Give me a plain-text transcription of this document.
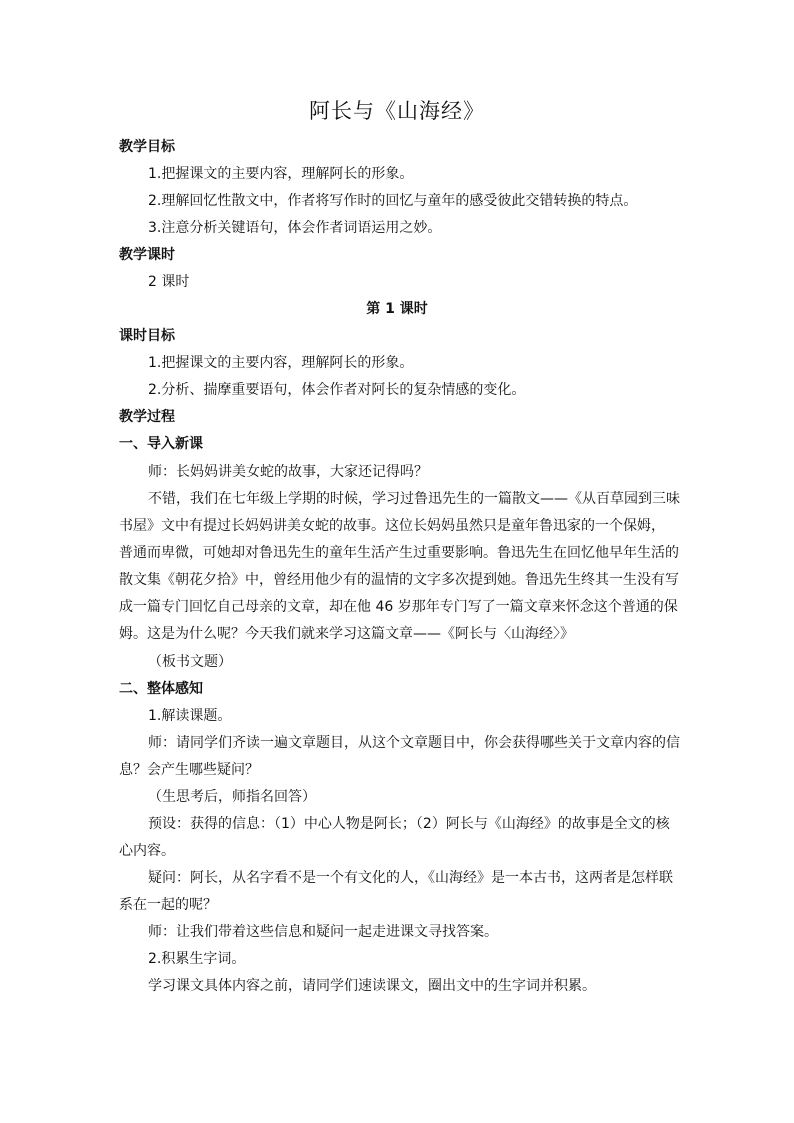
阿长与《山海经》
教学目标
1.把握课文的主要内容，理解阿长的形象。
2.理解回忆性散文中，作者将写作时的回忆与童年的感受彼此交错转换的特点。
3.注意分析关键语句，体会作者词语运用之妙。
教学课时
2 课时
第 1 课时
课时目标
1.把握课文的主要内容，理解阿长的形象。
2.分析、揣摩重要语句，体会作者对阿长的复杂情感的变化。
教学过程
一、导入新课
师：长妈妈讲美女蛇的故事，大家还记得吗？
不错，我们在七年级上学期的时候，学习过鲁迅先生的一篇散文——《从百草园到三味
书屋》文中有提过长妈妈讲美女蛇的故事。这位长妈妈虽然只是童年鲁迅家的一个保姆，
普通而卑微，可她却对鲁迅先生的童年生活产生过重要影响。鲁迅先生在回忆他早年生活的
散文集《朝花夕拾》中，曾经用他少有的温情的文字多次提到她。鲁迅先生终其一生没有写
成一篇专门回忆自己母亲的文章，却在他 46 岁那年专门写了一篇文章来怀念这个普通的保
姆。这是为什么呢？今天我们就来学习这篇文章——《阿长与〈山海经〉》
（板书文题）
二、整体感知
1.解读课题。
师：请同学们齐读一遍文章题目，从这个文章题目中，你会获得哪些关于文章内容的信
息？会产生哪些疑问？
（生思考后，师指名回答）
预设：获得的信息：（1）中心人物是阿长；（2）阿长与《山海经》的故事是全文的核
心内容。
疑问：阿长，从名字看不是一个有文化的人，《山海经》是一本古书，这两者是怎样联
系在一起的呢？
师：让我们带着这些信息和疑问一起走进课文寻找答案。
2.积累生字词。
学习课文具体内容之前，请同学们速读课文，圈出文中的生字词并积累。
